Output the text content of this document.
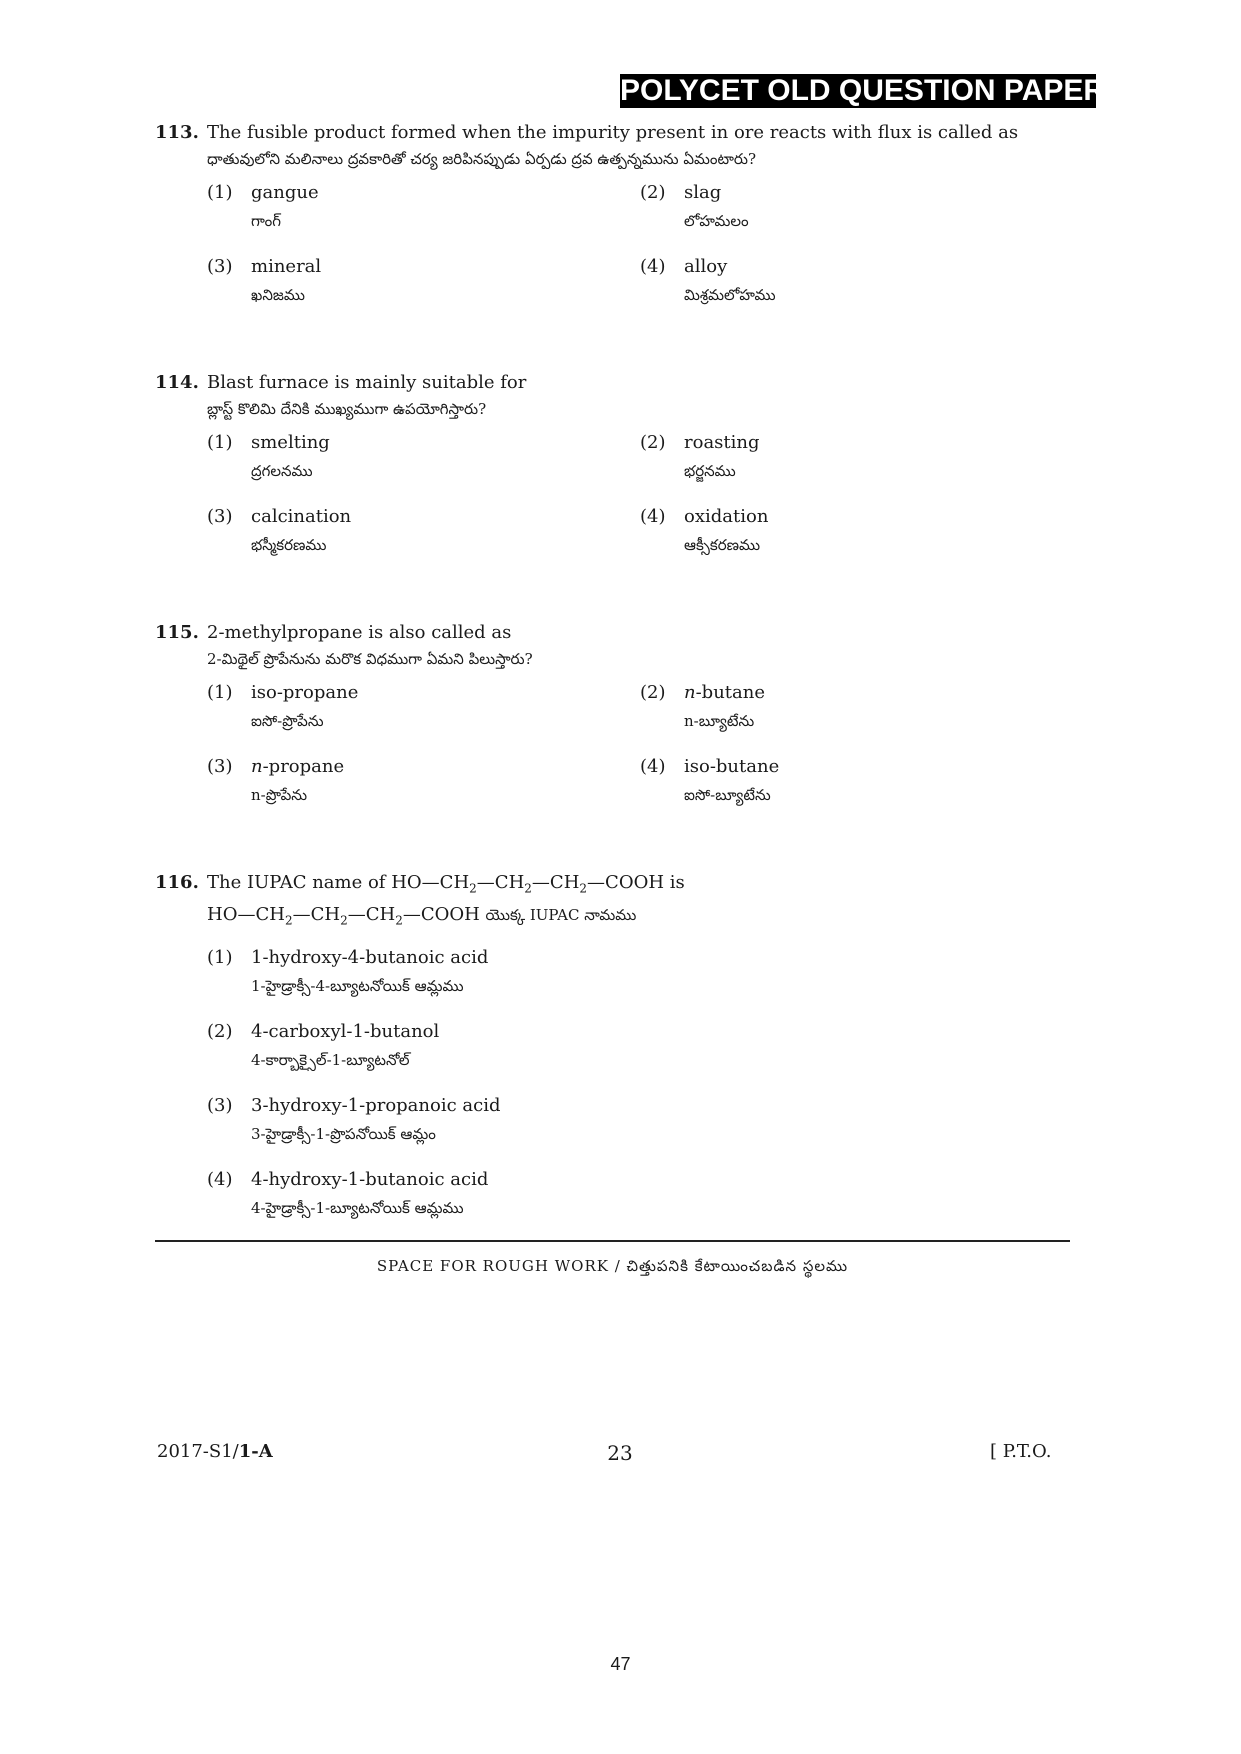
POLYCET OLD QUESTION PAPER
113. The fusible product formed when the impurity present in ore reacts with flux is called as
ధాతువులోని మలినాలు ద్రవకారితో చర్య జరిపినప్పుడు ఏర్పడు ద్రవ ఉత్పన్నమును ఏమంటారు?
(1) gangue
గాంగ్
(2) slag
లోహమలం
(3) mineral
ఖనిజము
(4) alloy
మిశ్రమలోహము
114. Blast furnace is mainly suitable for
బ్లాస్ట్ కొలిమి దేనికి ముఖ్యముగా ఉపయోగిస్తారు?
(1) smelting
ద్రగలనము
(2) roasting
భర్జనము
(3) calcination
భస్మీకరణము
(4) oxidation
ఆక్సీకరణము
115. 2-methylpropane is also called as
2-మిథైల్ ప్రొపేనును మరొక విధముగా ఏమని పిలుస్తారు?
(1) iso-propane
ఐసో-ప్రొపేను
(2) n-butane
n-బ్యూటేను
(3) n-propane
n-ప్రొపేను
(4) iso-butane
ఐసో-బ్యూటేను
116. The IUPAC name of $HO—CH_2—CH_2—CH_2—COOH$ is
$HO—CH_2—CH_2—CH_2—COOH$ యొక్క IUPAC నామము
(1) 1-hydroxy-4-butanoic acid
1-హైడ్రాక్సీ-4-బ్యూటనోయిక్ ఆమ్లము
(2) 4-carboxyl-1-butanol
4-కార్బాక్సైల్-1-బ్యూటనోల్
(3) 3-hydroxy-1-propanoic acid
3-హైడ్రాక్సీ-1-ప్రొపనోయిక్ ఆమ్లం
(4) 4-hydroxy-1-butanoic acid
4-హైడ్రాక్సీ-1-బ్యూటనోయిక్ ఆమ్లము
SPACE FOR ROUGH WORK / చిత్తుపనికి కేటాయించబడిన స్థలము
2017-S1/1-A	23	[ P.T.O.
47
